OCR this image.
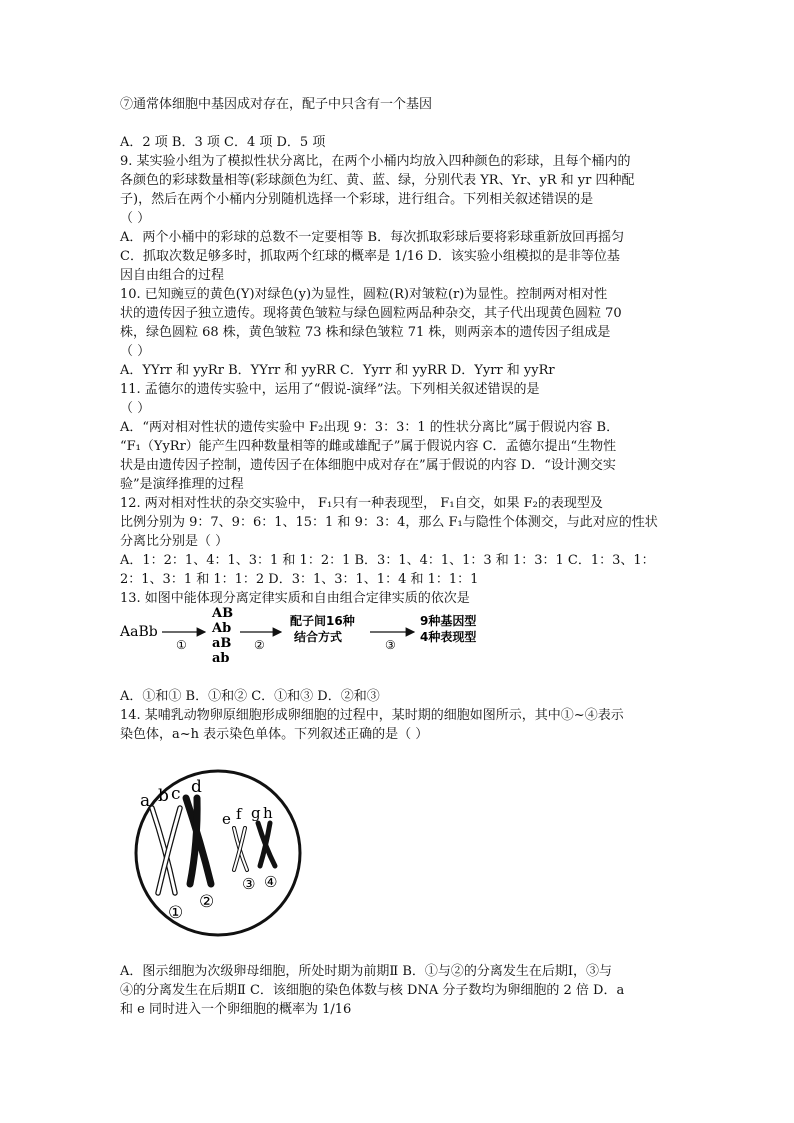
⑦通常体细胞中基因成对存在，配子中只含有一个基因
A．2 项 B．3 项 C．4 项 D．5 项
9. 某实验小组为了模拟性状分离比，在两个小桶内均放入四种颜色的彩球，且每个桶内的
各颜色的彩球数量相等(彩球颜色为红、黄、蓝、绿，分别代表 YR、Yr、yR 和 yr 四种配
子)，然后在两个小桶内分别随机选择一个彩球，进行组合。下列相关叙述错误的是
（ ）
A．两个小桶中的彩球的总数不一定要相等 B．每次抓取彩球后要将彩球重新放回再摇匀
C．抓取次数足够多时，抓取两个红球的概率是 1/16 D．该实验小组模拟的是非等位基
因自由组合的过程
10. 已知豌豆的黄色(Y)对绿色(y)为显性，圆粒(R)对皱粒(r)为显性。控制两对相对性
状的遗传因子独立遗传。现将黄色皱粒与绿色圆粒两品种杂交，其子代出现黄色圆粒 70
株，绿色圆粒 68 株，黄色皱粒 73 株和绿色皱粒 71 株，则两亲本的遗传因子组成是
（ ）
A．YYrr 和 yyRr B．YYrr 和 yyRR C．Yyrr 和 yyRR D．Yyrr 和 yyRr
11. 孟德尔的遗传实验中，运用了“假说-演绎”法。下列相关叙述错误的是
（ ）
A．“两对相对性状的遗传实验中 F₂出现 9：3：3：1 的性状分离比”属于假说内容 B．
“F₁（YyRr）能产生四种数量相等的雌或雄配子”属于假说内容 C．孟德尔提出“生物性
状是由遗传因子控制，遗传因子在体细胞中成对存在”属于假说的内容 D．“设计测交实
验”是演绎推理的过程
12. 两对相对性状的杂交实验中， F₁只有一种表现型， F₁自交，如果 F₂的表现型及
比例分别为 9：7、9：6：1、15：1 和 9：3：4，那么 F₁与隐性个体测交，与此对应的性状
分离比分别是（ ）
A．1：2：1、4：1、3：1 和 1：2：1 B．3：1、4：1、1：3 和 1：3：1 C．1：3、1：
2：1、3：1 和 1：1：2 D．3：1、3：1、1：4 和 1：1：1
13. 如图中能体现分离定律实质和自由组合定律实质的依次是
AaBb
①
AB
Ab
aB
ab
②
配子间16种
结合方式
③
9种基因型
4种表现型
A．①和① B．①和② C．①和③ D．②和③
14. 某哺乳动物卵原细胞形成卵细胞的过程中，某时期的细胞如图所示，其中①~④表示
染色体，a~h 表示染色单体。下列叙述正确的是（ ）
a b c d
e f g h
①
②
③ ④
A．图示细胞为次级卵母细胞，所处时期为前期Ⅱ B．①与②的分离发生在后期Ⅰ，③与
④的分离发生在后期Ⅱ C．该细胞的染色体数与核 DNA 分子数均为卵细胞的 2 倍 D．a
和 e 同时进入一个卵细胞的概率为 1/16
